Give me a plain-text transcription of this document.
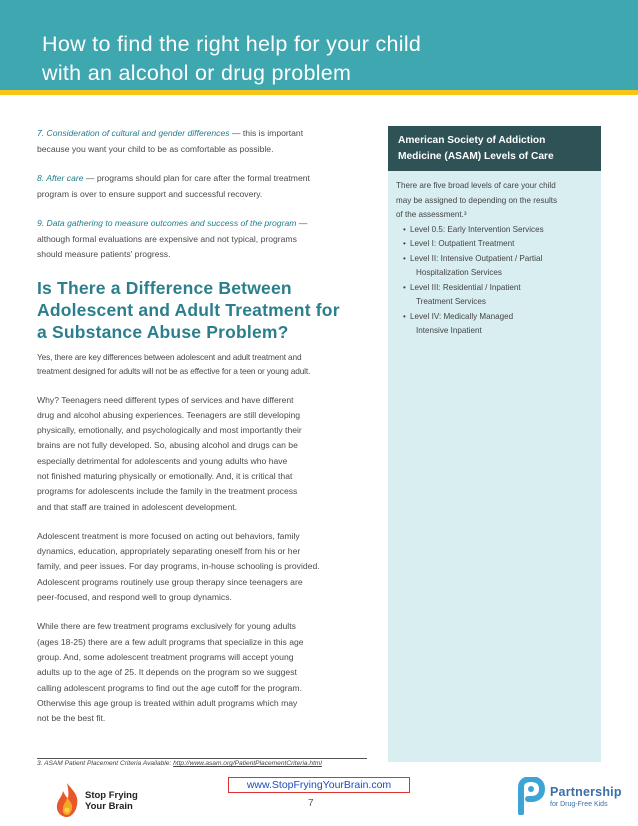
How to find the right help for your child
with an alcohol or drug problem
7. Consideration of cultural and gender differences — this is important
because you want your child to be as comfortable as possible.
8. After care — programs should plan for care after the formal treatment
program is over to ensure support and successful recovery.
9. Data gathering to measure outcomes and success of the program —
although formal evaluations are expensive and not typical, programs
should measure patients' progress.
Is There a Difference Between
Adolescent and Adult Treatment for
a Substance Abuse Problem?

Yes, there are key differences between adolescent and adult treatment and
treatment designed for adults will not be as effective for a teen or young adult.

Why? Teenagers need different types of services and have different
drug and alcohol abusing experiences. Teenagers are still developing
physically, emotionally, and psychologically and most importantly their
brains are not fully developed. So, abusing alcohol and drugs can be
especially detrimental for adolescents and young adults who have
not finished maturing physically or emotionally. And, it is critical that
programs for adolescents include the family in the treatment process
and that staff are trained in adolescent development.

Adolescent treatment is more focused on acting out behaviors, family
dynamics, education, appropriately separating oneself from his or her
family, and peer issues. For day programs, in-house schooling is provided.
Adolescent programs routinely use group therapy since teenagers are
peer-focused, and respond well to group dynamics.

While there are few treatment programs exclusively for young adults
(ages 18-25) there are a few adult programs that specialize in this age
group. And, some adolescent treatment programs will accept young
adults up to the age of 25. It depends on the program so we suggest
calling adolescent programs to find out the age cutoff for the program.
Otherwise this age group is treated within adult programs which may
not be the best fit.

American Society of Addiction
Medicine (ASAM) Levels of Care
There are five broad levels of care your child
may be assigned to depending on the results
of the assessment.³
• Level 0.5: Early Intervention Services
• Level I: Outpatient Treatment
• Level II: Intensive Outpatient / Partial
Hospitalization Services
• Level III: Residential / Inpatient
Treatment Services
• Level IV: Medically Managed
Intensive Inpatient
3. ASAM Patient Placement Criteria Available: http://www.asam.org/PatientPlacementCriteria.html
Stop Frying
Your Brain
www.StopFryingYourBrain.com
7
Partnership
for Drug-Free Kids
